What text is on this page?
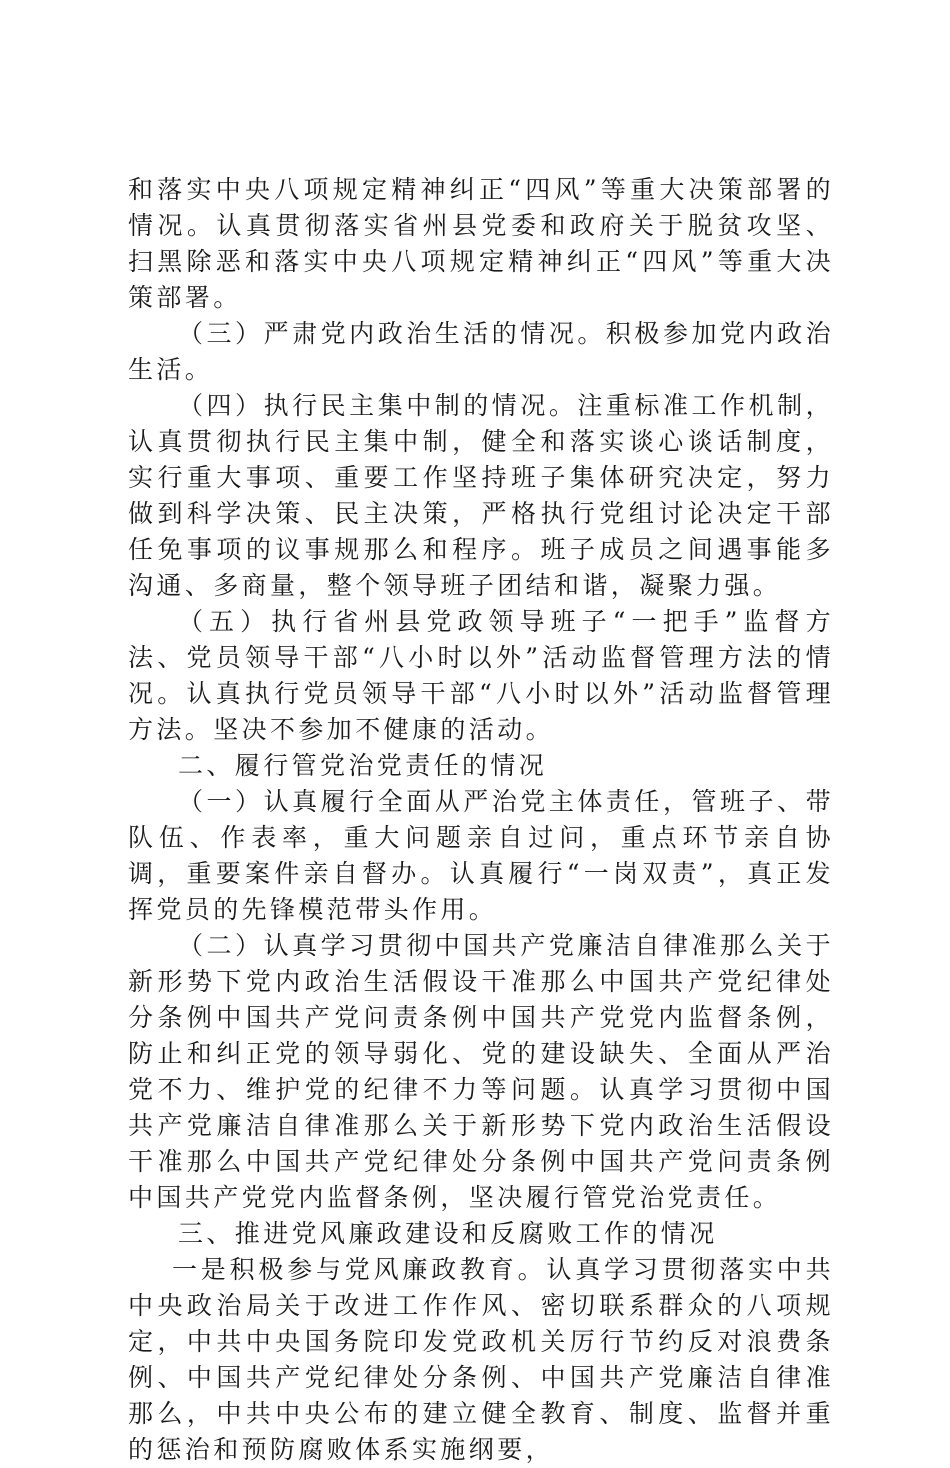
和落实中央八项规定精神纠正“四风”等重大决策部署的情况。认真贯彻落实省州县党委和政府关于脱贫攻坚、扫黑除恶和落实中央八项规定精神纠正“四风”等重大决策部署。

（三）严肃党内政治生活的情况。积极参加党内政治生活。

（四）执行民主集中制的情况。注重标准工作机制，认真贯彻执行民主集中制，健全和落实谈心谈话制度，实行重大事项、重要工作坚持班子集体研究决定，努力做到科学决策、民主决策，严格执行党组讨论决定干部任免事项的议事规那么和程序。班子成员之间遇事能多沟通、多商量，整个领导班子团结和谐，凝聚力强。

（五）执行省州县党政领导班子“一把手”监督方法、党员领导干部“八小时以外”活动监督管理方法的情况。认真执行党员领导干部“八小时以外”活动监督管理方法。坚决不参加不健康的活动。

二、履行管党治党责任的情况

（一）认真履行全面从严治党主体责任，管班子、带队伍、作表率，重大问题亲自过问，重点环节亲自协调，重要案件亲自督办。认真履行“一岗双责”，真正发挥党员的先锋模范带头作用。

（二）认真学习贯彻中国共产党廉洁自律准那么关于新形势下党内政治生活假设干准那么中国共产党纪律处分条例中国共产党问责条例中国共产党党内监督条例，防止和纠正党的领导弱化、党的建设缺失、全面从严治党不力、维护党的纪律不力等问题。认真学习贯彻中国共产党廉洁自律准那么关于新形势下党内政治生活假设干准那么中国共产党纪律处分条例中国共产党问责条例中国共产党党内监督条例，坚决履行管党治党责任。

三、推进党风廉政建设和反腐败工作的情况

一是积极参与党风廉政教育。认真学习贯彻落实中共中央政治局关于改进工作作风、密切联系群众的八项规定，中共中央国务院印发党政机关厉行节约反对浪费条例、中国共产党纪律处分条例、中国共产党廉洁自律准那么，中共中央公布的建立健全教育、制度、监督并重的惩治和预防腐败体系实施纲要，
